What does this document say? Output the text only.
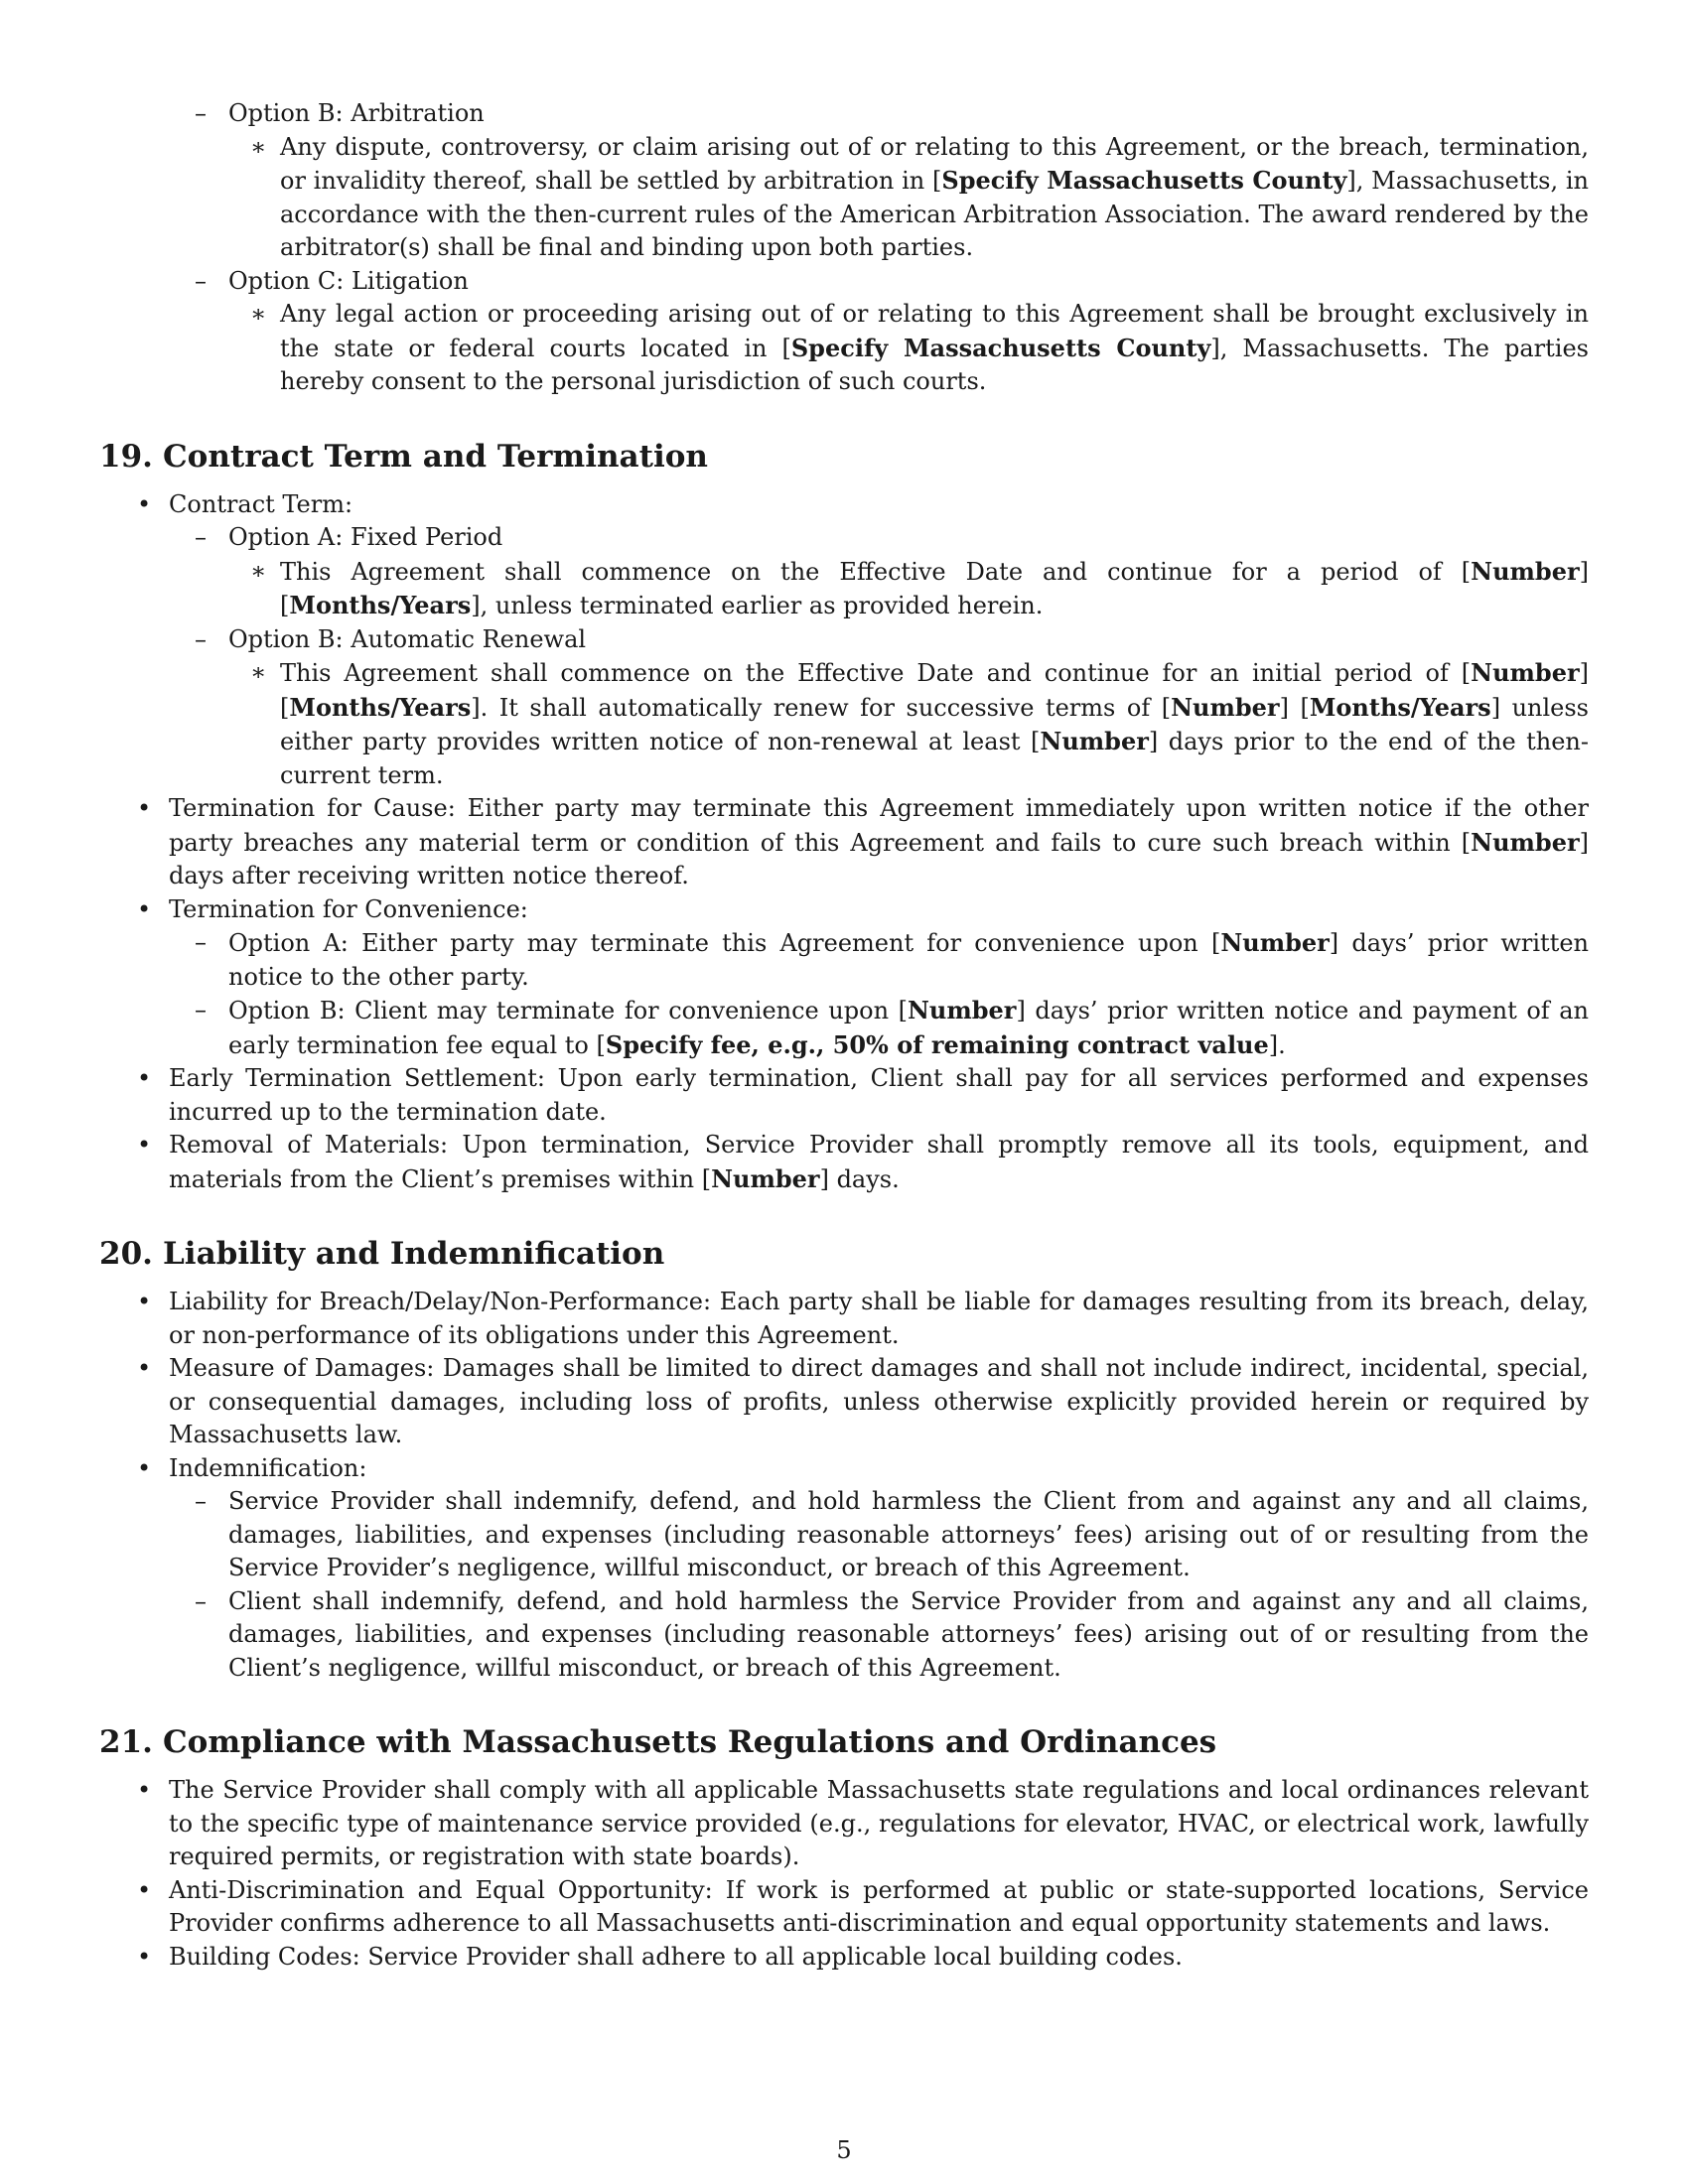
– Option B: Arbitration

∗ Any dispute, controversy, or claim arising out of or relating to this Agreement, or the breach, termination, or invalidity thereof, shall be settled by arbitration in [Specify Massachusetts County], Massachusetts, in accordance with the then-current rules of the American Arbitration Association. The award rendered by the arbitrator(s) shall be final and binding upon both parties.

– Option C: Litigation

∗ Any legal action or proceeding arising out of or relating to this Agreement shall be brought exclusively in the state or federal courts located in [Specify Massachusetts County], Massachusetts. The parties hereby consent to the personal jurisdiction of such courts.

19. Contract Term and Termination

• Contract Term:

– Option A: Fixed Period

∗ This Agreement shall commence on the Effective Date and continue for a period of [Number] [Months/Years], unless terminated earlier as provided herein.

– Option B: Automatic Renewal

∗ This Agreement shall commence on the Effective Date and continue for an initial period of [Number] [Months/Years]. It shall automatically renew for successive terms of [Number] [Months/Years] unless either party provides written notice of non-renewal at least [Number] days prior to the end of the then-current term.

• Termination for Cause: Either party may terminate this Agreement immediately upon written notice if the other party breaches any material term or condition of this Agreement and fails to cure such breach within [Number] days after receiving written notice thereof.

• Termination for Convenience:

– Option A: Either party may terminate this Agreement for convenience upon [Number] days’ prior written notice to the other party.

– Option B: Client may terminate for convenience upon [Number] days’ prior written notice and payment of an early termination fee equal to [Specify fee, e.g., 50% of remaining contract value].

• Early Termination Settlement: Upon early termination, Client shall pay for all services performed and expenses incurred up to the termination date.

• Removal of Materials: Upon termination, Service Provider shall promptly remove all its tools, equipment, and materials from the Client’s premises within [Number] days.

20. Liability and Indemnification

• Liability for Breach/Delay/Non-Performance: Each party shall be liable for damages resulting from its breach, delay, or non-performance of its obligations under this Agreement.

• Measure of Damages: Damages shall be limited to direct damages and shall not include indirect, incidental, special, or consequential damages, including loss of profits, unless otherwise explicitly provided herein or required by Massachusetts law.

• Indemnification:

– Service Provider shall indemnify, defend, and hold harmless the Client from and against any and all claims, damages, liabilities, and expenses (including reasonable attorneys’ fees) arising out of or resulting from the Service Provider’s negligence, willful misconduct, or breach of this Agreement.

– Client shall indemnify, defend, and hold harmless the Service Provider from and against any and all claims, damages, liabilities, and expenses (including reasonable attorneys’ fees) arising out of or resulting from the Client’s negligence, willful misconduct, or breach of this Agreement.

21. Compliance with Massachusetts Regulations and Ordinances

• The Service Provider shall comply with all applicable Massachusetts state regulations and local ordinances relevant to the specific type of maintenance service provided (e.g., regulations for elevator, HVAC, or electrical work, lawfully required permits, or registration with state boards).

• Anti-Discrimination and Equal Opportunity: If work is performed at public or state-supported locations, Service Provider confirms adherence to all Massachusetts anti-discrimination and equal opportunity statements and laws.

• Building Codes: Service Provider shall adhere to all applicable local building codes.

5
